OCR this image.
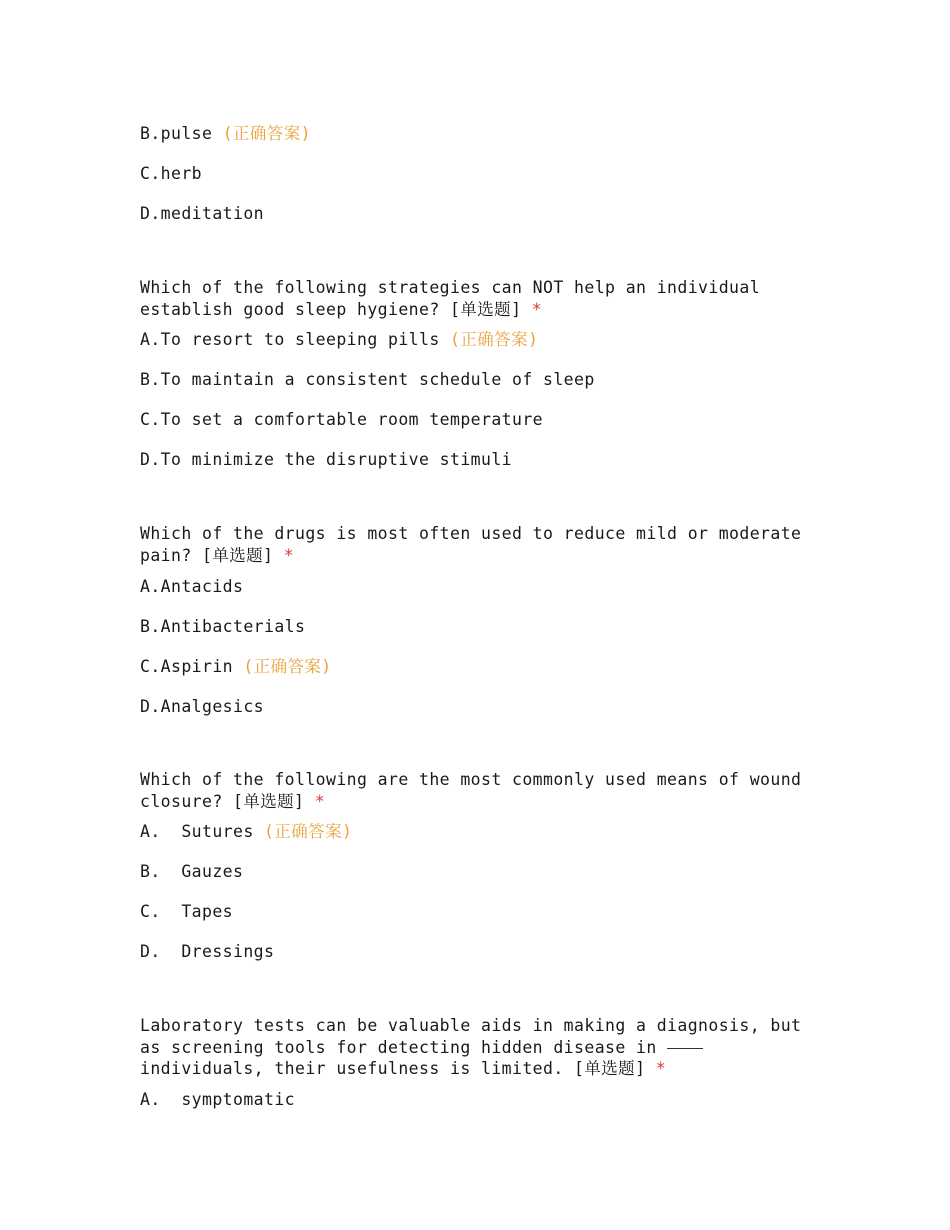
B.pulse (正确答案)
C.herb
D.meditation

Which of the following strategies can NOT help an individual establish good sleep hygiene? [单选题] *

A.To resort to sleeping pills (正确答案)
B.To maintain a consistent schedule of sleep
C.To set a comfortable room temperature
D.To minimize the disruptive stimuli

Which of the drugs is most often used to reduce mild or moderate pain? [单选题] *

A.Antacids
B.Antibacterials
C.Aspirin (正确答案)
D.Analgesics

Which of the following are the most commonly used means of wound closure? [单选题] *

A.  Sutures (正确答案)
B.  Gauzes
C.  Tapes
D.  Dressings

Laboratory tests can be valuable aids in making a diagnosis, but as screening tools for detecting hidden disease in  individuals, their usefulness is limited. [单选题] *

A.  symptomatic
